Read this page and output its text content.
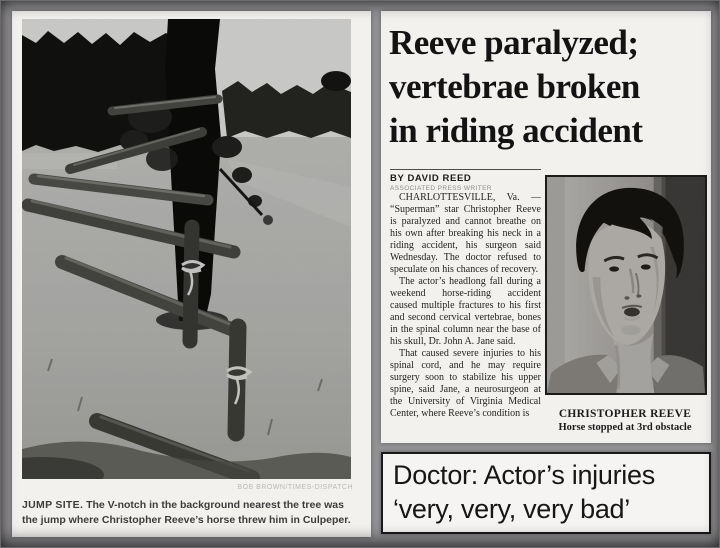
BOB BROWN/TIMES-DISPATCH
JUMP SITE. The V-notch in the background nearest the tree was the jump where Christopher Reeve’s horse threw him in Culpeper.
Reeve paralyzed;
vertebrae broken
in riding accident
BY DAVID REED
ASSOCIATED PRESS WRITER

CHARLOTTESVILLE, Va. — “Superman” star Christopher Reeve is paralyzed and cannot breathe on his own after breaking his neck in a riding accident, his surgeon said Wednesday. The doctor refused to speculate on his chances of recovery.

The actor’s headlong fall during a weekend horse-riding accident caused multiple fractures to his first and second cervical vertebrae, bones in the spinal column near the base of his skull, Dr. John A. Jane said.

That caused severe injuries to his spinal cord, and he may require surgery soon to stabilize his upper spine, said Jane, a neurosurgeon at the University of Virginia Medical Center, where Reeve’s condition is	CHRISTOPHER REEVE
Horse stopped at 3rd obstacle

Doctor: Actor’s injuries

‘very, very, very bad’
